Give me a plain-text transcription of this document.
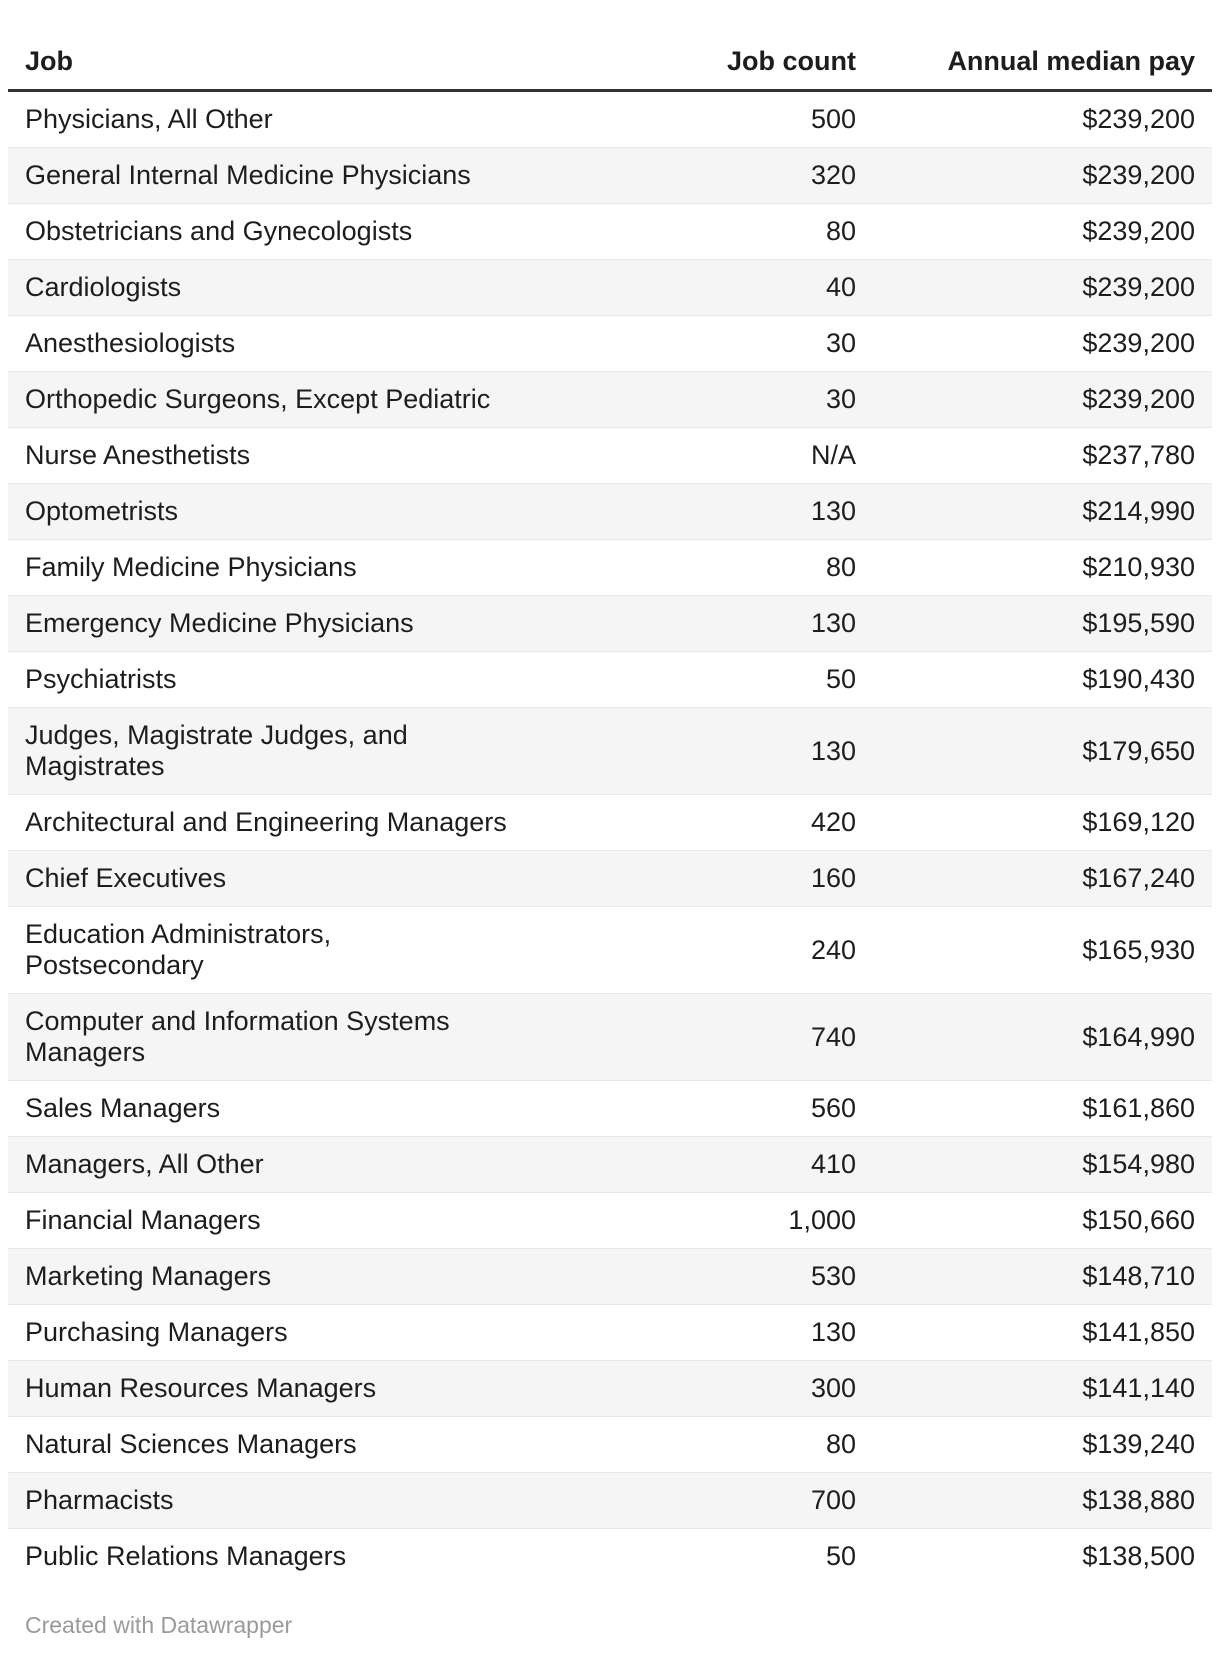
Job	Job count	Annual median pay
Physicians, All Other	500	$239,200
General Internal Medicine Physicians	320	$239,200
Obstetricians and Gynecologists	80	$239,200
Cardiologists	40	$239,200
Anesthesiologists	30	$239,200
Orthopedic Surgeons, Except Pediatric	30	$239,200
Nurse Anesthetists	N/A	$237,780
Optometrists	130	$214,990
Family Medicine Physicians	80	$210,930
Emergency Medicine Physicians	130	$195,590
Psychiatrists	50	$190,430
Judges, Magistrate Judges, and Magistrates	130	$179,650
Architectural and Engineering Managers	420	$169,120
Chief Executives	160	$167,240
Education Administrators, Postsecondary	240	$165,930
Computer and Information Systems Managers	740	$164,990
Sales Managers	560	$161,860
Managers, All Other	410	$154,980
Financial Managers	1,000	$150,660
Marketing Managers	530	$148,710
Purchasing Managers	130	$141,850
Human Resources Managers	300	$141,140
Natural Sciences Managers	80	$139,240
Pharmacists	700	$138,880
Public Relations Managers	50	$138,500
Created with Datawrapper
